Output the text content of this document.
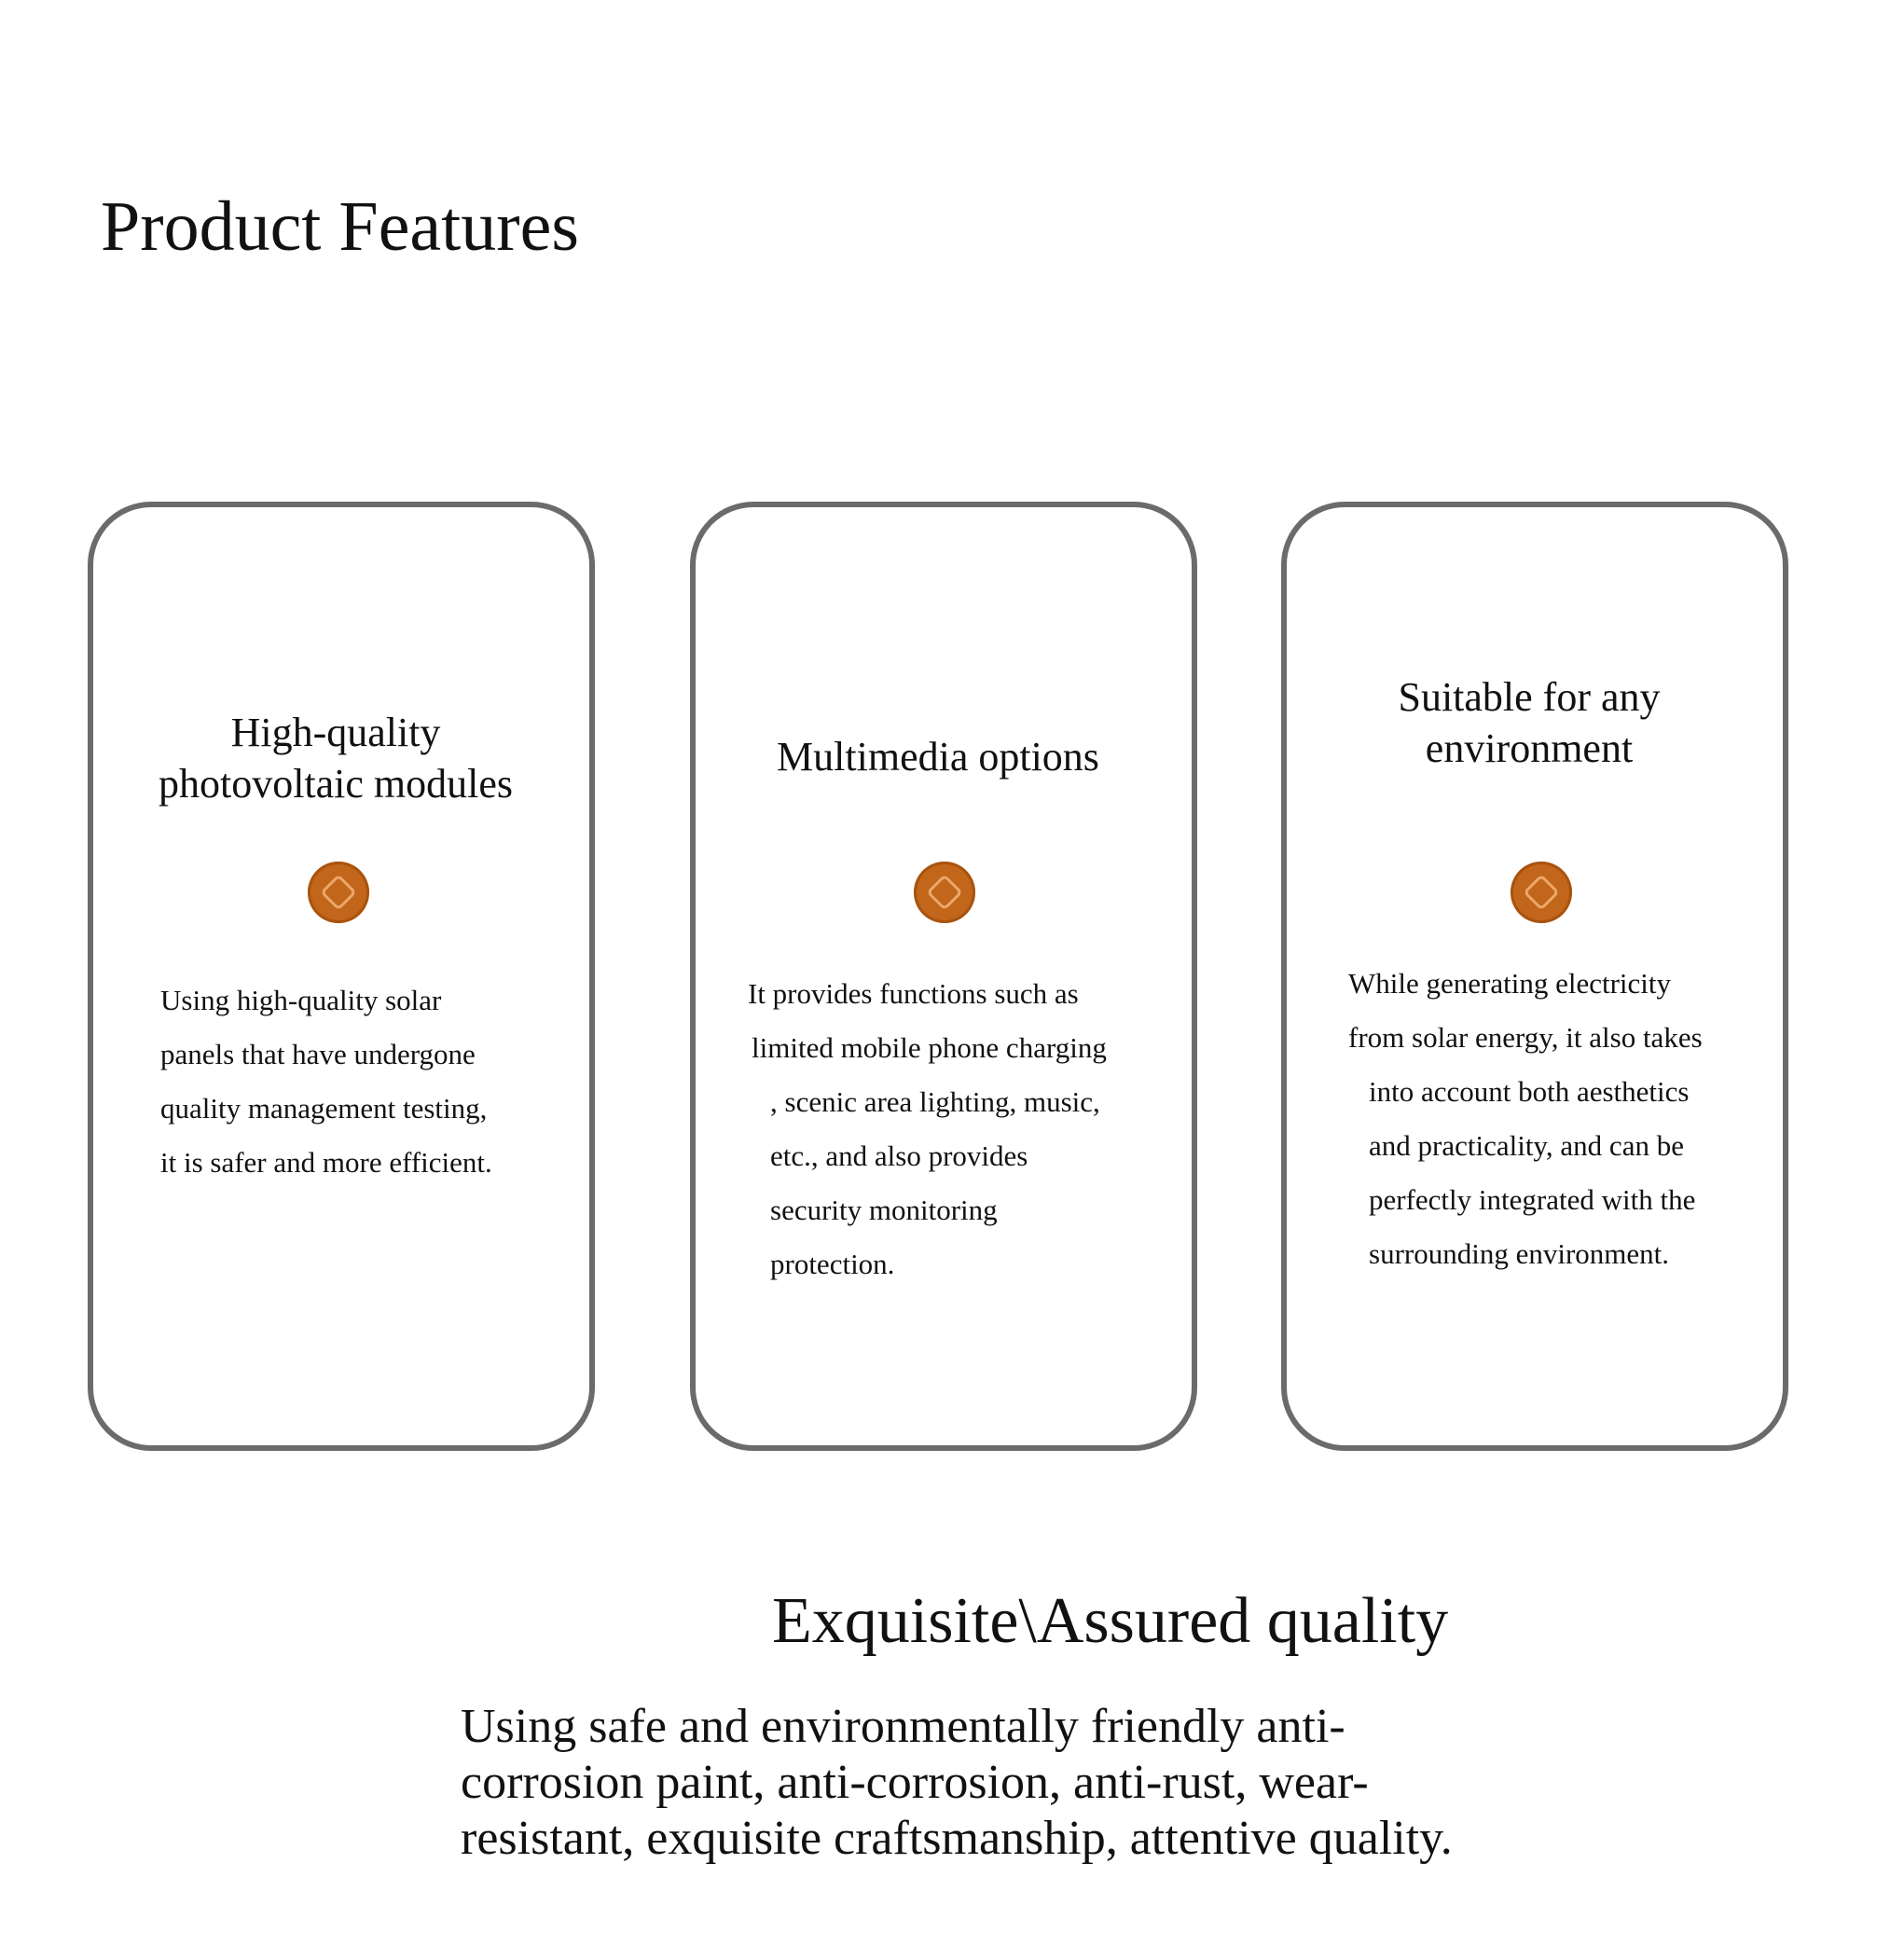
Product Features
High-quality
photovoltaic modules

Using high-quality solar
panels that have undergone
quality management testing,
it is safer and more efficient.

Multimedia options

It provides functions such as
limited mobile phone charging
, scenic area lighting, music,
etc., and also provides
security monitoring
protection.

Suitable for any
environment

While generating electricity
from solar energy, it also takes
into account both aesthetics
and practicality, and can be
perfectly integrated with the
surrounding environment.

Exquisite\Assured quality

Using safe and environmentally friendly anti-
corrosion paint, anti-corrosion, anti-rust, wear-
resistant, exquisite craftsmanship, attentive quality.
